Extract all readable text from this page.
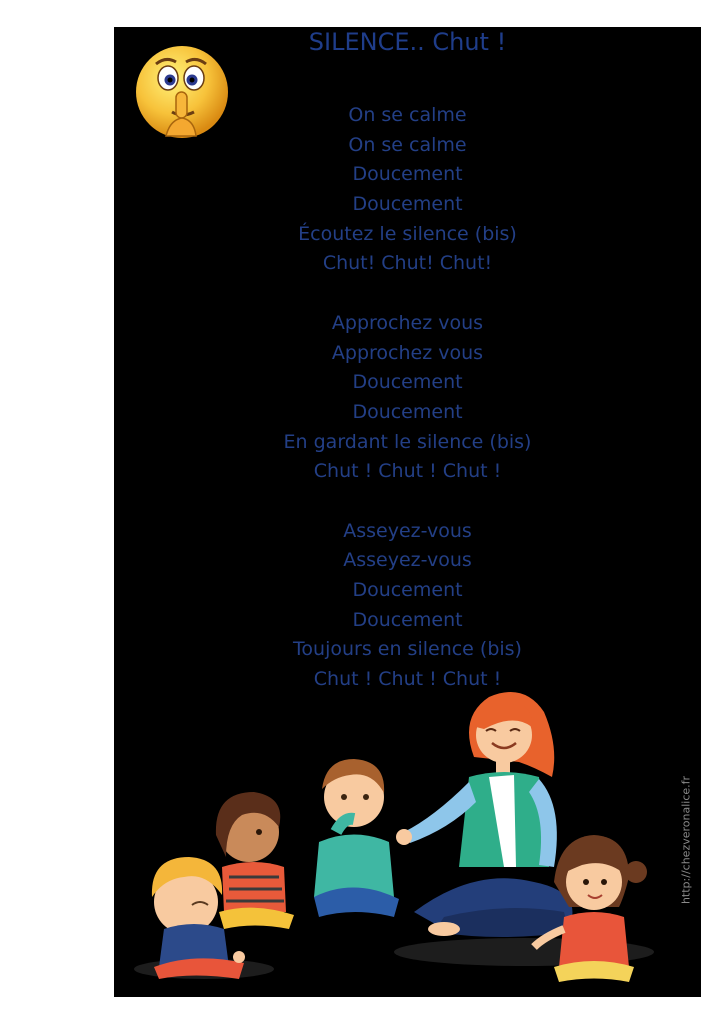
SILENCE.. Chut !
On se calme
On se calme
Doucement
Doucement
Écoutez le silence (bis)
Chut! Chut! Chut!
Approchez vous
Approchez vous
Doucement
Doucement
En gardant le silence (bis)
Chut ! Chut ! Chut !
Asseyez-vous
Asseyez-vous
Doucement
Doucement
Toujours en silence (bis)
Chut ! Chut ! Chut !
http://chezveronalice.fr
